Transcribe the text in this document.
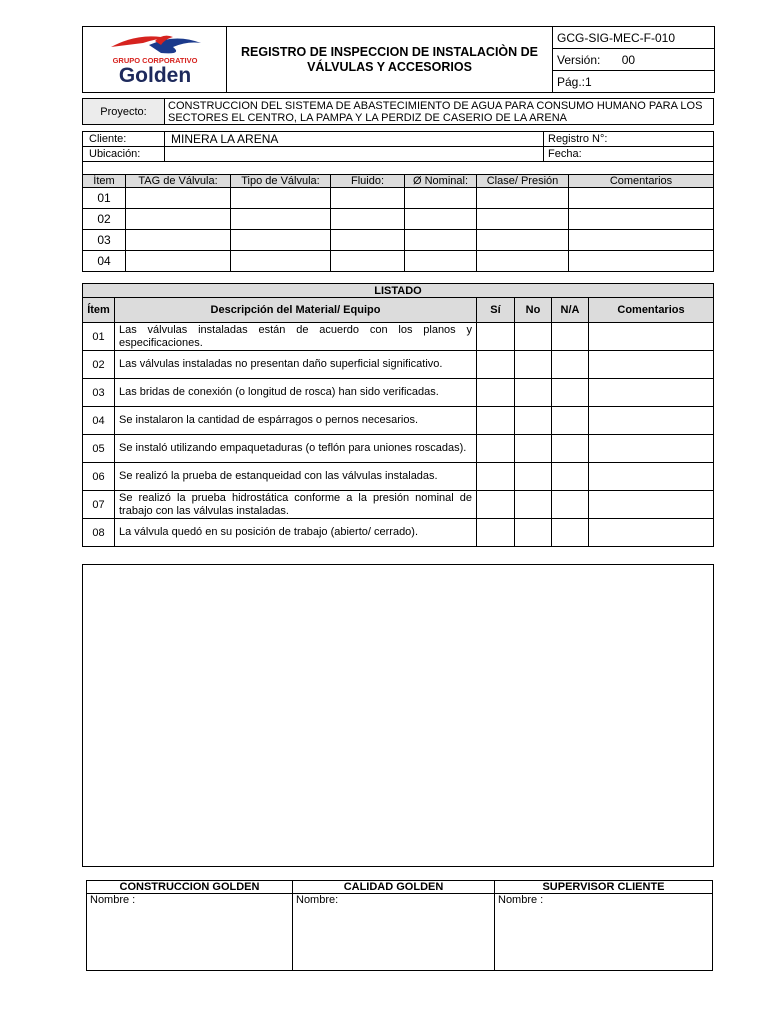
GRUPO CORPORATIVO
Golden
	REGISTRO DE INSPECCION DE INSTALACIÒN DE
VÁLVULAS Y ACCESORIOS	GCG-SIG-MEC-F-010
Versión: 00
Pág.:1
Proyecto:	CONSTRUCCION DEL SISTEMA DE ABASTECIMIENTO DE AGUA PARA CONSUMO HUMANO PARA LOS SECTORES EL CENTRO, LA PAMPA Y LA PERDIZ DE CASERIO DE LA ARENA
Cliente:	MINERA LA ARENA	Registro N°:
Ubicación:		Fecha:

Ítem	TAG de Válvula:	Tipo de Válvula:	Fluido:	Ø Nominal:	Clase/ Presión	Comentarios
01						
02						
03						
04						
LISTADO					
Ítem	Descripción del Material/ Equipo	Sí	No	N/A	Comentarios
01	Las válvulas instaladas están de acuerdo con los planos y especificaciones.				
02	Las válvulas instaladas no presentan daño superficial significativo.				
03	Las bridas de conexión (o longitud de rosca) han sido verificadas.				
04	Se instalaron la cantidad de espárragos o pernos necesarios.				
05	Se instaló utilizando empaquetaduras (o teflón para uniones roscadas).				
06	Se realizó la prueba de estanqueidad con las válvulas instaladas.				
07	Se realizó la prueba hidrostática conforme a la presión nominal de trabajo con las válvulas instaladas.				
08	La válvula quedó en su posición de trabajo (abierto/ cerrado).				
CONSTRUCCION GOLDEN	CALIDAD GOLDEN	SUPERVISOR CLIENTE
Nombre :	Nombre:	Nombre :
